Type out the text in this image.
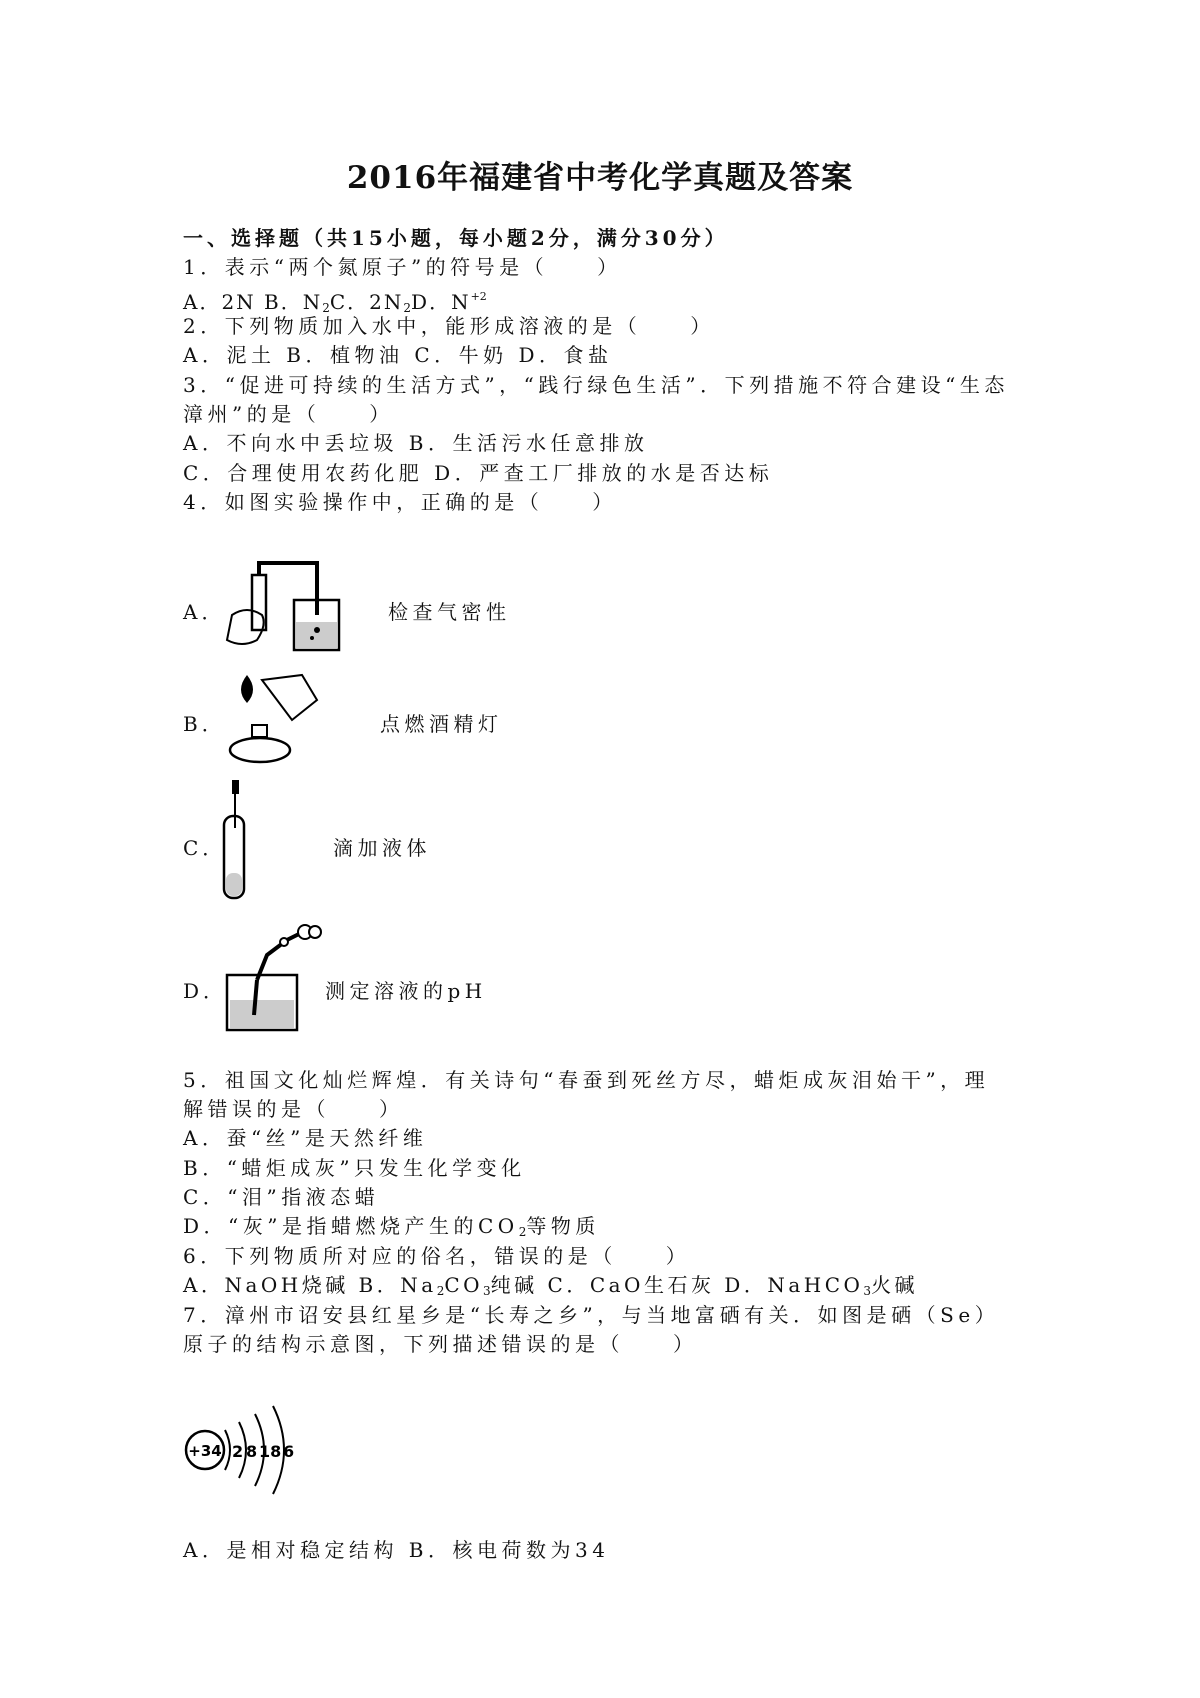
2016年福建省中考化学真题及答案
一、选择题（共15小题，每小题2分，满分30分）
1．表示“两个氮原子”的符号是（　　）
A．2N B．$N_2C$．$2N_2D$．$N^{+2}$
2．下列物质加入水中，能形成溶液的是（　　）
A．泥土 B．植物油 C．牛奶 D．食盐
3．“促进可持续的生活方式”，“践行绿色生活”．下列措施不符合建设“生态
漳州”的是（　　）
A．不向水中丢垃圾 B．生活污水任意排放
C．合理使用农药化肥 D．严查工厂排放的水是否达标
4．如图实验操作中，正确的是（　　）
A．	检查气密性
B．	点燃酒精灯
C．	滴加液体
D．	测定溶液的pH
5．祖国文化灿烂辉煌．有关诗句“春蚕到死丝方尽，蜡炬成灰泪始干”，理
解错误的是（　　）
A．蚕“丝”是天然纤维
B．“蜡炬成灰”只发生化学变化
C．“泪”指液态蜡
D．“灰”是指蜡燃烧产生的$CO_2$等物质
6．下列物质所对应的俗名，错误的是（　　）
A．NaOH烧碱 B．$Na_2CO_3$纯碱 C．CaO生石灰 D．NaHCO$_3$火碱
7．漳州市诏安县红星乡是“长寿之乡”，与当地富硒有关．如图是硒（Se）
原子的结构示意图，下列描述错误的是（　　）
+34 2 8 18 6
A．是相对稳定结构 B．核电荷数为34
